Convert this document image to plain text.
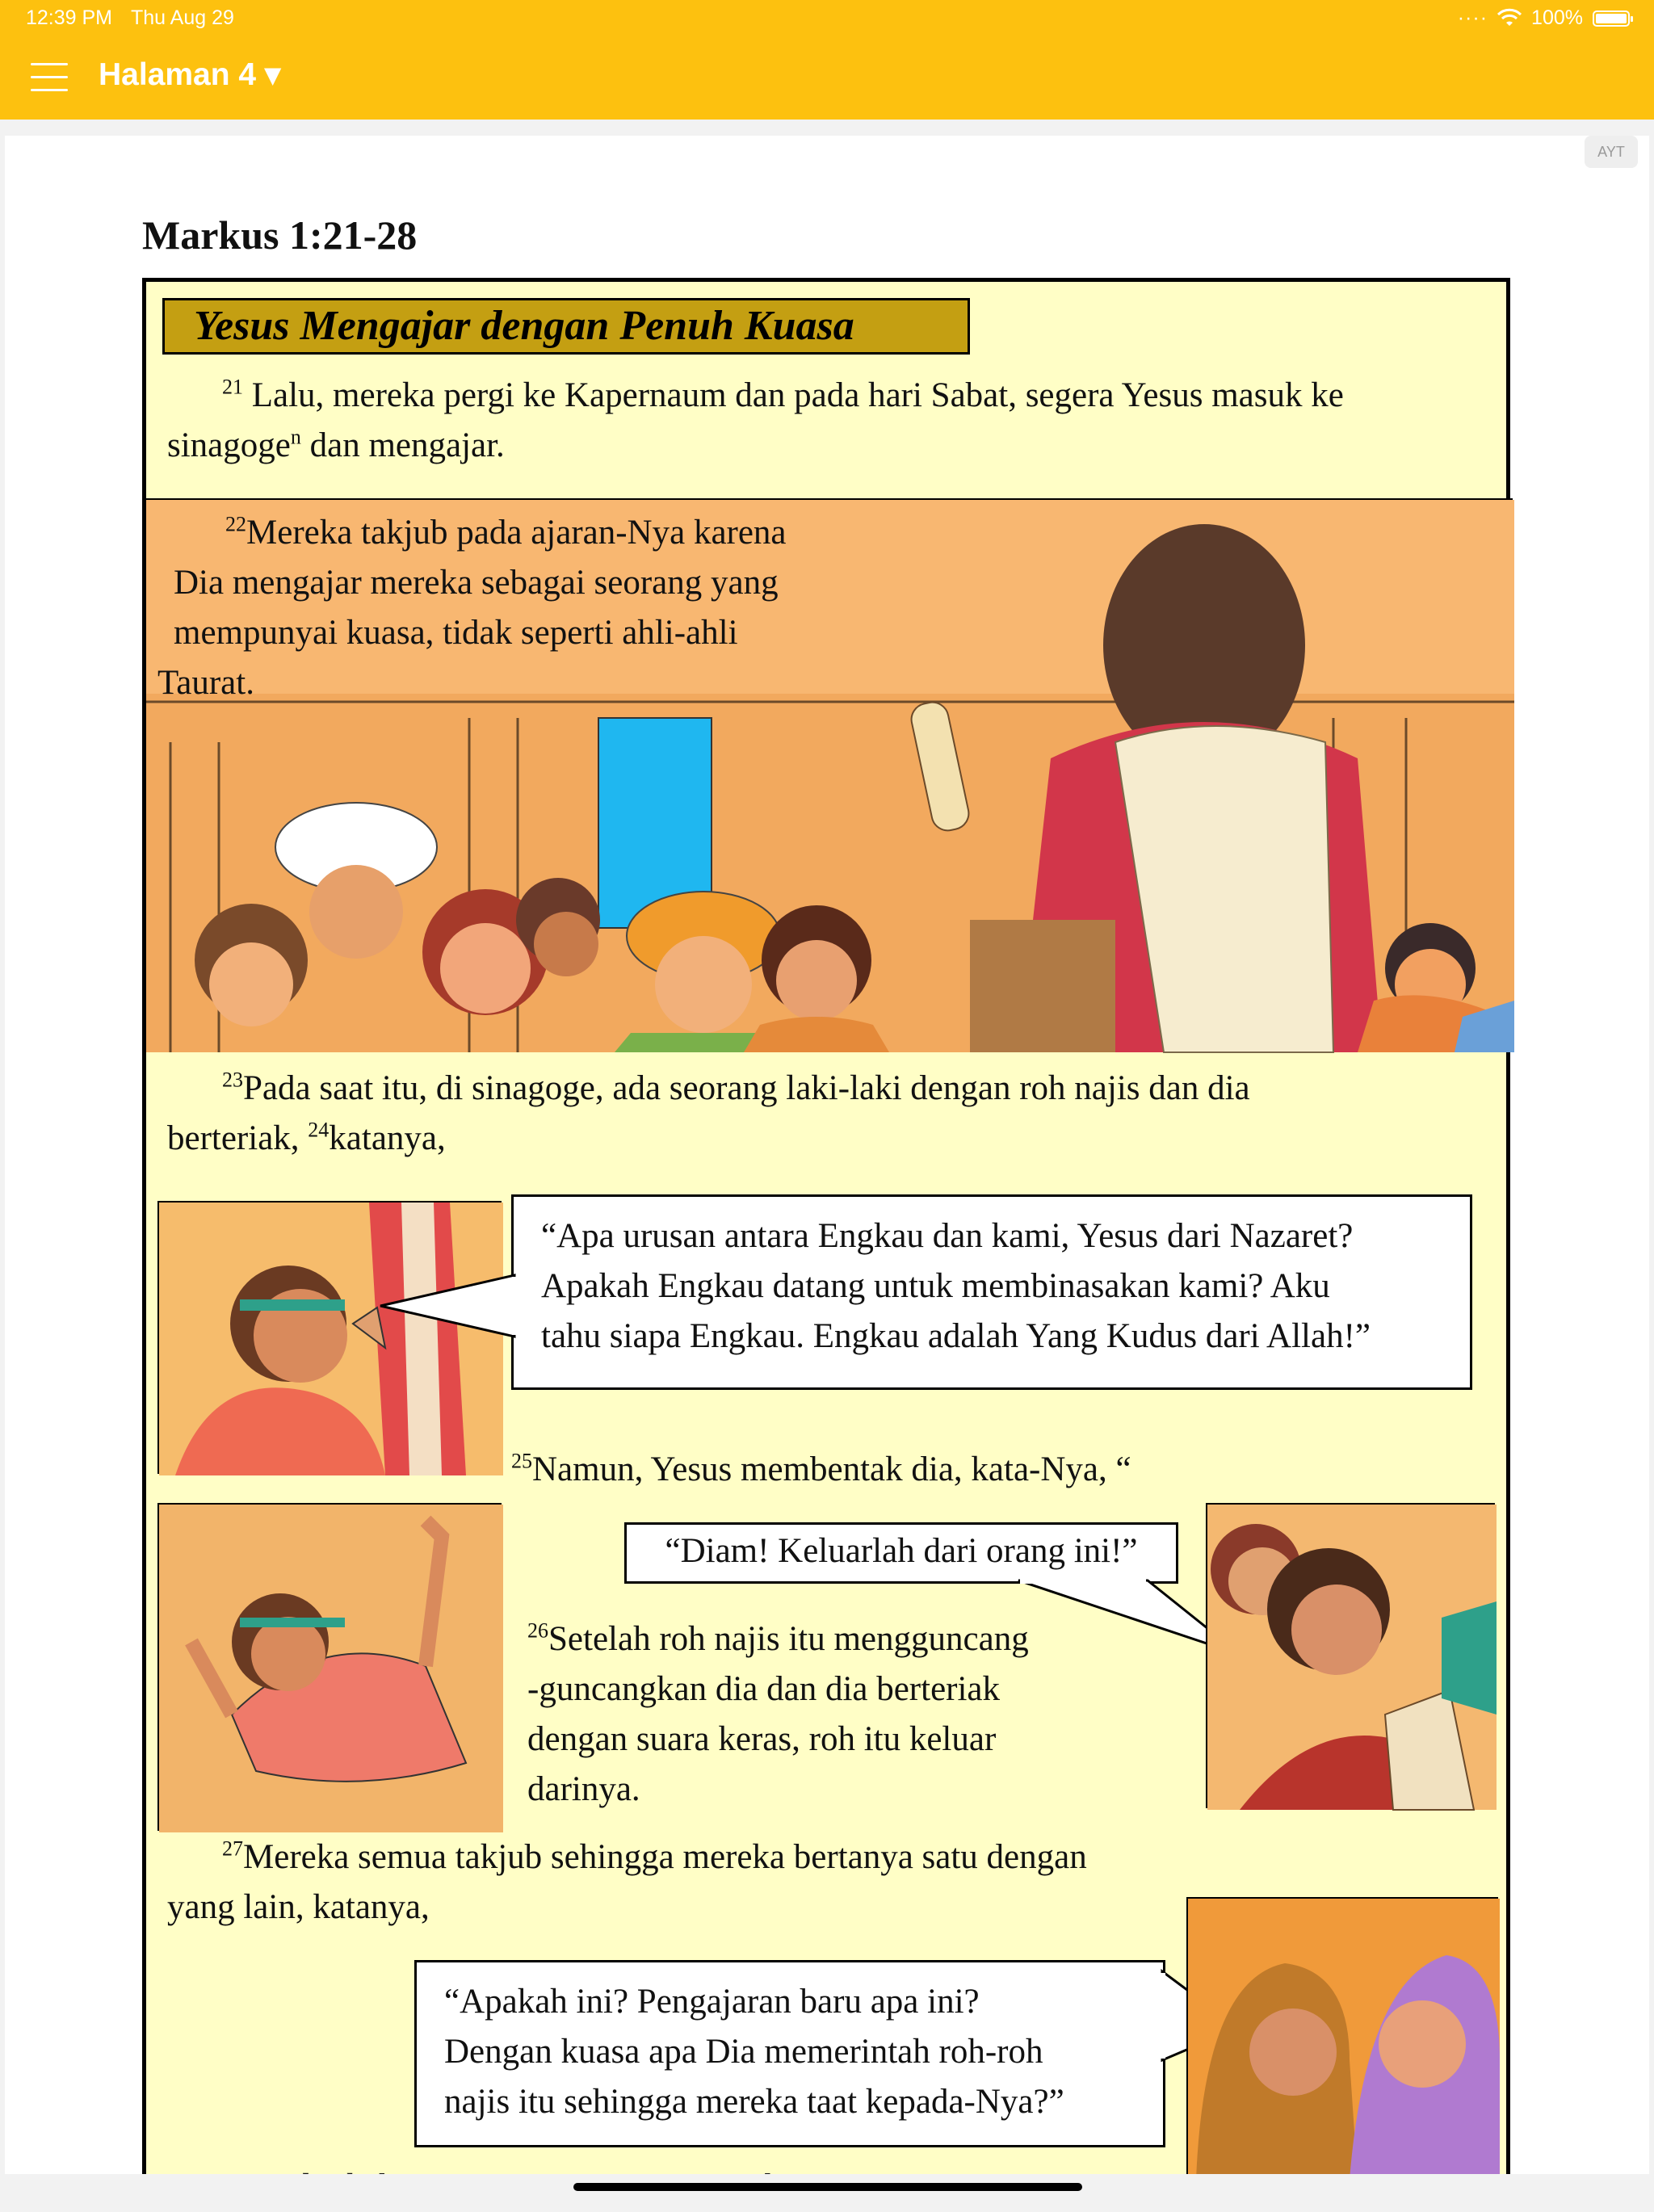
12:39 PM Thu Aug 29	···· 100%
Halaman 4 ▾
AYT
Markus 1:21-28
Yesus Mengajar dengan Penuh Kuasa
$^{21}$ Lalu, mereka pergi ke Kapernaum dan pada hari Sabat, segera Yesus masuk ke
sinagoge$^n$ dan mengajar.
$^{22}$Mereka takjub pada ajaran-Nya karena
Dia mengajar mereka sebagai seorang yang
mempunyai kuasa, tidak seperti ahli-ahli
Taurat.
$^{23}$Pada saat itu, di sinagoge, ada seorang laki-laki dengan roh najis dan dia
berteriak, $^{24}$katanya,
“Apa urusan antara Engkau dan kami, Yesus dari Nazaret?
Apakah Engkau datang untuk membinasakan kami? Aku
tahu siapa Engkau. Engkau adalah Yang Kudus dari Allah!”
$^{25}$Namun, Yesus membentak dia, kata-Nya, “
“Diam! Keluarlah dari orang ini!”
$^{26}$Setelah roh najis itu mengguncang
-guncangkan dia dan dia berteriak
dengan suara keras, roh itu keluar
darinya.
$^{27}$Mereka semua takjub sehingga mereka bertanya satu dengan
yang lain, katanya,
“Apakah ini? Pengajaran baru apa ini?
Dengan kuasa apa Dia memerintah roh-roh
najis itu sehingga mereka taat kepada-Nya?”
